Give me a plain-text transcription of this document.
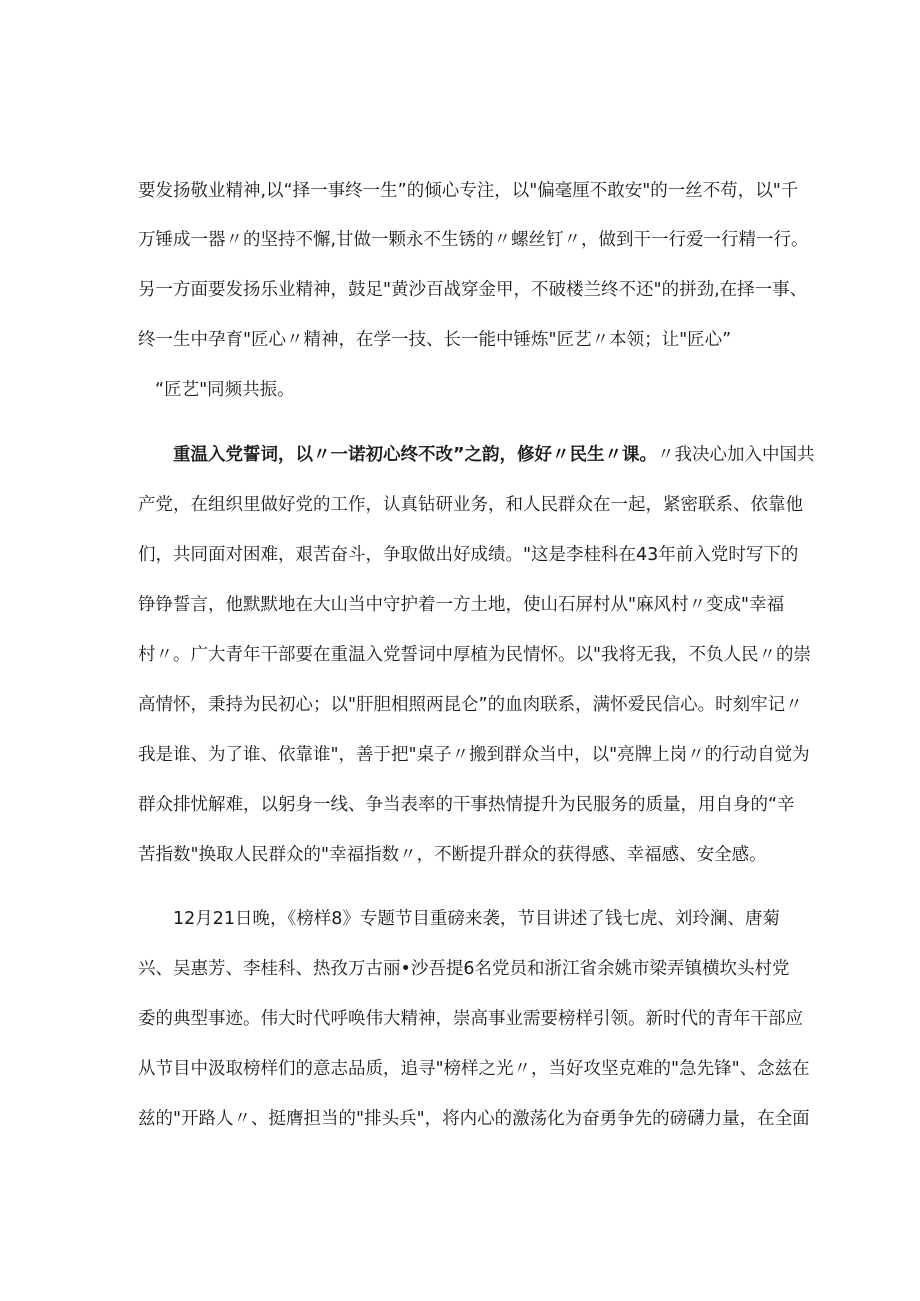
要发扬敬业精神,以“择一事终一生”的倾心专注，以"偏毫厘不敢安"的一丝不苟，以"千
万锤成一器〃的坚持不懈,甘做一颗永不生锈的〃螺丝钉〃，做到干一行爱一行精一行。
另一方面要发扬乐业精神，鼓足"黄沙百战穿金甲，不破楼兰终不还"的拼劲,在择一事、
终一生中孕育"匠心〃精神，在学一技、长一能中锤炼"匠艺〃本领；让"匠心”
“匠艺"同频共振。
重温入党誓词，以〃一诺初心终不改”之韵，修好〃民生〃课。〃我决心加入中国共
产党，在组织里做好党的工作，认真钻研业务，和人民群众在一起，紧密联系、依靠他
们，共同面对困难，艰苦奋斗，争取做出好成绩。"这是李桂科在43年前入党时写下的
铮铮誓言，他默默地在大山当中守护着一方土地，使山石屏村从"麻风村〃变成"幸福
村〃。广大青年干部要在重温入党誓词中厚植为民情怀。以"我将无我，不负人民〃的崇
高情怀，秉持为民初心；以"肝胆相照两昆仑”的血肉联系，满怀爱民信心。时刻牢记〃
我是谁、为了谁、依靠谁"，善于把"桌子〃搬到群众当中，以"亮牌上岗〃的行动自觉为
群众排忧解难，以躬身一线、争当表率的干事热情提升为民服务的质量，用自身的“辛
苦指数"换取人民群众的"幸福指数〃，不断提升群众的获得感、幸福感、安全感。
12月21日晚，《榜样8》专题节目重磅来袭，节目讲述了钱七虎、刘玲澜、唐菊
兴、吴惠芳、李桂科、热孜万古丽•沙吾提6名党员和浙江省余姚市梁弄镇横坎头村党
委的典型事迹。伟大时代呼唤伟大精神，崇高事业需要榜样引领。新时代的青年干部应
从节目中汲取榜样们的意志品质，追寻"榜样之光〃，当好攻坚克难的"急先锋"、念兹在
兹的"开路人〃、挺膺担当的"排头兵"，将内心的激荡化为奋勇争先的磅礴力量，在全面
